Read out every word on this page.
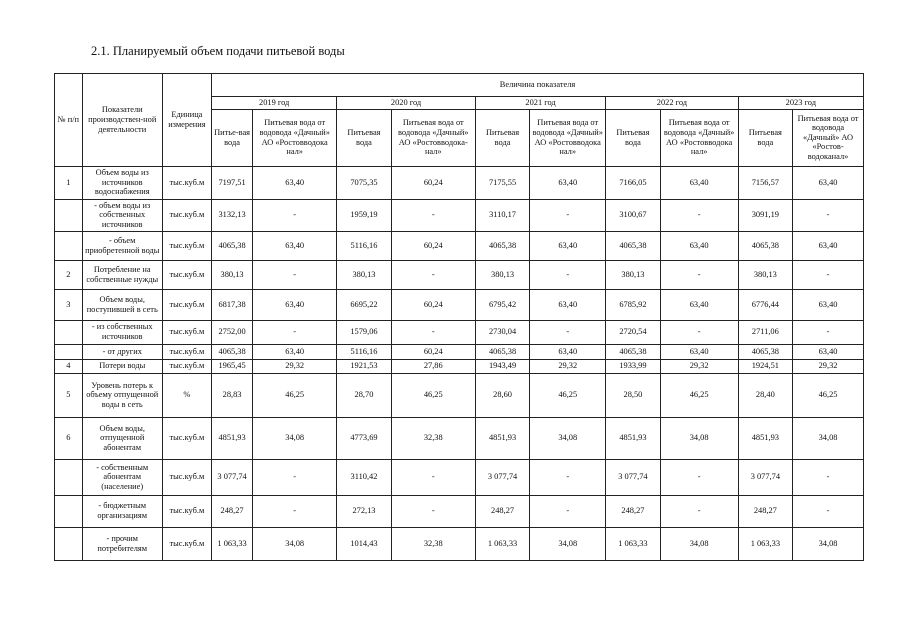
2.1. Планируемый объем подачи питьевой воды
№ п/п	Показатели производствен-ной деятельности	Единица измерения	Величина показателя									
			2019 год		2020 год		2021 год		2022 год		2023 год	
			Питье-вая вода	Питьевая вода от водовода «Дачный» АО «Ростовводока нал»	Питьевая вода	Питьевая вода от водовода «Дачный» АО «Ростовводока-нал»	Питьевая вода	Питьевая вода от водовода «Дачный» АО «Ростовводока нал»	Питьевая вода	Питьевая вода от водовода «Дачный» АО «Ростовводока нал»	Питьевая вода	Питьевая вода от водовода «Дачный» АО «Ростов-водоканал»
1	Объем воды из источников водоснабжения	тыс.куб.м	7197,51	63,40	7075,35	60,24	7175,55	63,40	7166,05	63,40	7156,57	63,40
	- объем воды из собственных источников	тыс.куб.м	3132,13	-	1959,19	-	3110,17	-	3100,67	-	3091,19	-
	- объем приобретенной воды	тыс.куб.м	4065,38	63,40	5116,16	60,24	4065,38	63,40	4065,38	63,40	4065,38	63,40
2	Потребление на собственные нужды	тыс.куб.м	380,13	-	380,13	-	380,13	-	380,13	-	380,13	-
3	Объем воды, поступившей в сеть	тыс.куб.м	6817,38	63,40	6695,22	60,24	6795,42	63,40	6785,92	63,40	6776,44	63,40
	- из собственных источников	тыс.куб.м	2752,00	-	1579,06	-	2730,04	-	2720,54	-	2711,06	-
	- от других	тыс.куб.м	4065,38	63,40	5116,16	60,24	4065,38	63,40	4065,38	63,40	4065,38	63,40
4	Потери воды	тыс.куб.м	1965,45	29,32	1921,53	27,86	1943,49	29,32	1933,99	29,32	1924,51	29,32
5	Уровень потерь к объему отпущенной воды в сеть	%	28,83	46,25	28,70	46,25	28,60	46,25	28,50	46,25	28,40	46,25
6	Объем воды, отпущенной абонентам	тыс.куб.м	4851,93	34,08	4773,69	32,38	4851,93	34,08	4851,93	34,08	4851,93	34,08
	- собственным абонентам (население)	тыс.куб.м	3 077,74	-	3110,42	-	3 077,74	-	3 077,74	-	3 077,74	-
	- бюджетным организациям	тыс.куб.м	248,27	-	272,13	-	248,27	-	248,27	-	248,27	-
	- прочим потребителям	тыс.куб.м	1 063,33	34,08	1014,43	32,38	1 063,33	34,08	1 063,33	34,08	1 063,33	34,08
